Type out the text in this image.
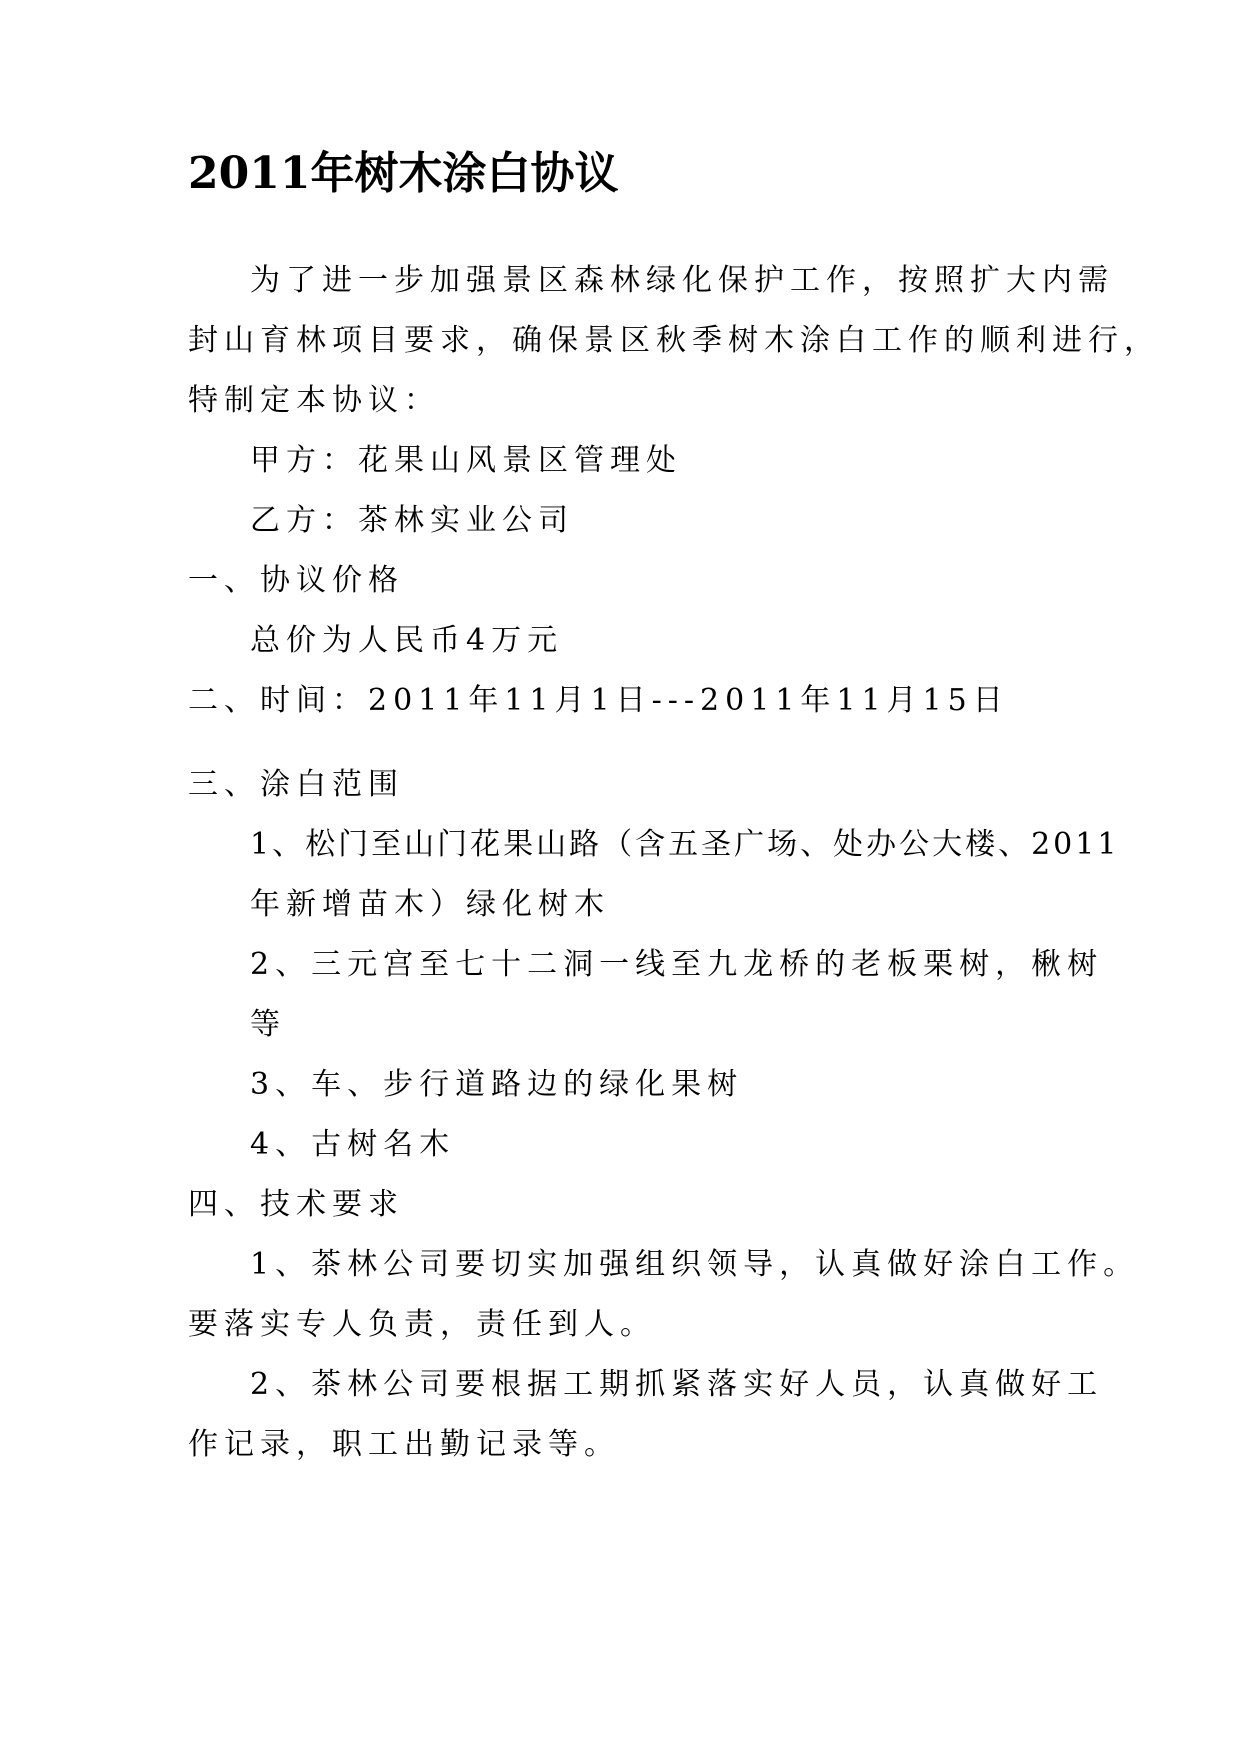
2011年树木涂白协议

为了进一步加强景区森林绿化保护工作，按照扩大内需

封山育林项目要求，确保景区秋季树木涂白工作的顺利进行，

特制定本协议：

甲方：花果山风景区管理处

乙方：茶林实业公司

一、协议价格

总价为人民币4万元

二、时间：2011年11月1日---2011年11月15日

三、涂白范围

1、松门至山门花果山路（含五圣广场、处办公大楼、2011

年新增苗木）绿化树木

2、三元宫至七十二洞一线至九龙桥的老板栗树，楸树

等

3、车、步行道路边的绿化果树

4、古树名木

四、技术要求

1、茶林公司要切实加强组织领导，认真做好涂白工作。

要落实专人负责，责任到人。

2、茶林公司要根据工期抓紧落实好人员，认真做好工

作记录，职工出勤记录等。
